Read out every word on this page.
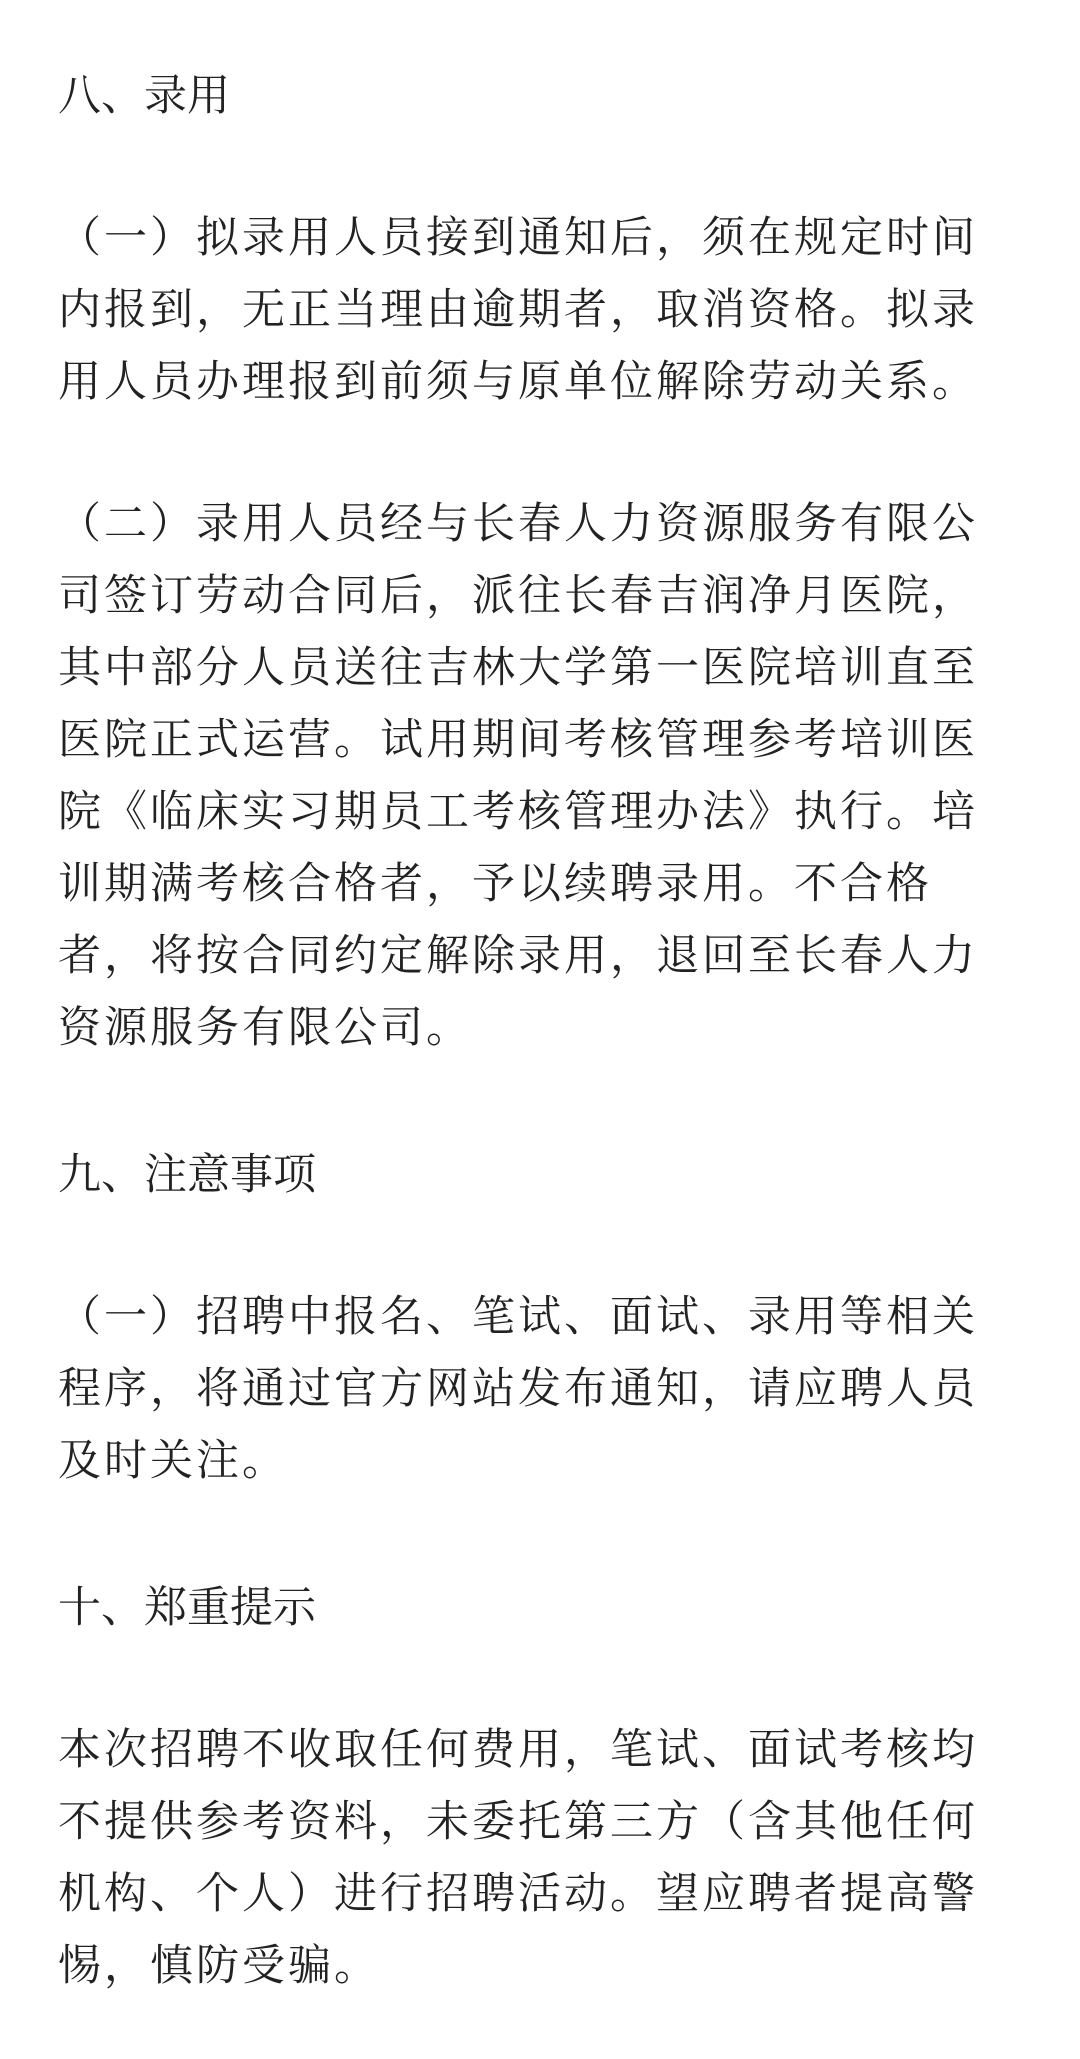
八、录用

（一）拟录用人员接到通知后，须在规定时间内报到，无正当理由逾期者，取消资格。拟录用人员办理报到前须与原单位解除劳动关系。

（二）录用人员经与长春人力资源服务有限公司签订劳动合同后，派往长春吉润净月医院，其中部分人员送往吉林大学第一医院培训直至医院正式运营。试用期间考核管理参考培训医院《临床实习期员工考核管理办法》执行。培训期满考核合格者，予以续聘录用。不合格者，将按合同约定解除录用，退回至长春人力资源服务有限公司。

九、注意事项

（一）招聘中报名、笔试、面试、录用等相关程序，将通过官方网站发布通知，请应聘人员及时关注。

十、郑重提示

本次招聘不收取任何费用，笔试、面试考核均不提供参考资料，未委托第三方（含其他任何机构、个人）进行招聘活动。望应聘者提高警惕，慎防受骗。
